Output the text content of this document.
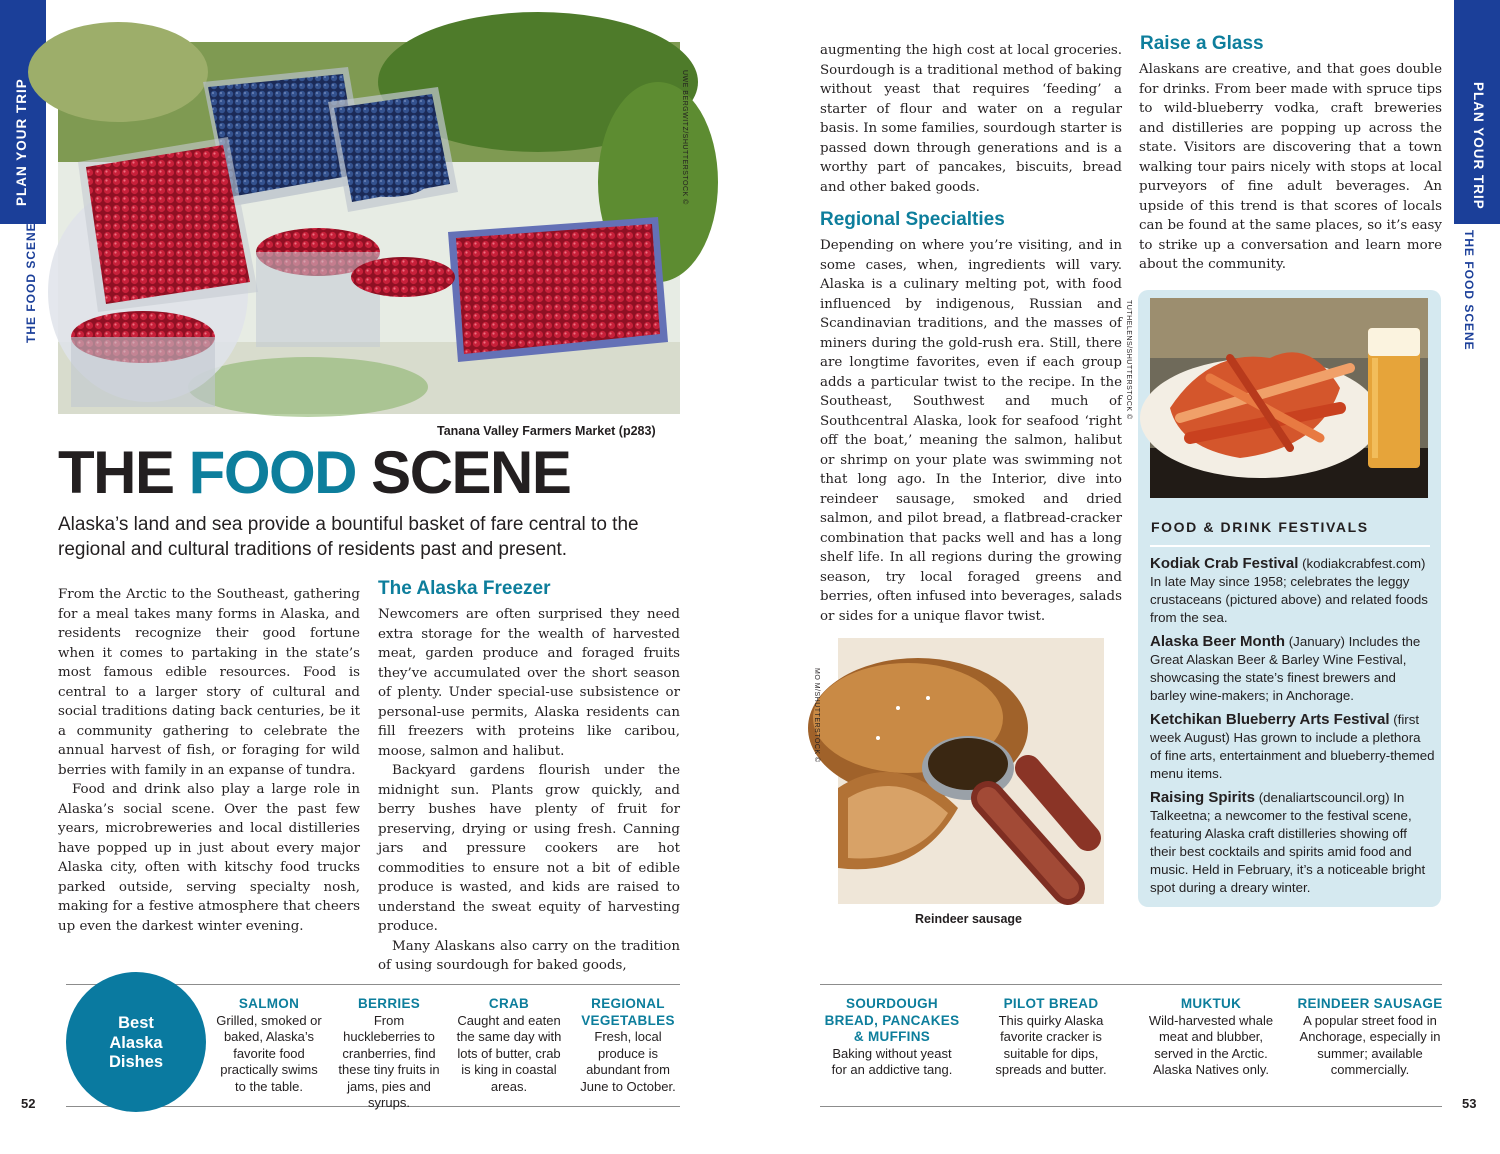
PLAN YOUR TRIP
THE FOOD SCENE
PLAN YOUR TRIP
THE FOOD SCENE
UWE BERGWITZ/SHUTTERSTOCK ©
Tanana Valley Farmers Market (p283)
THE FOOD SCENE
Alaska’s land and sea provide a bountiful basket of fare central to the regional and cultural traditions of residents past and present.

From the Arctic to the Southeast, gathering for a meal takes many forms in Alaska, and residents recognize their good fortune when it comes to partaking in the state’s most famous edible resources. Food is central to a larger story of cultural and social traditions dating back centuries, be it a community gathering to celebrate the annual harvest of fish, or foraging for wild berries with family in an expanse of tundra.

Food and drink also play a large role in Alaska’s social scene. Over the past few years, microbreweries and local distilleries have popped up in just about every major Alaska city, often with kitschy food trucks parked outside, serving specialty nosh, making for a festive atmosphere that cheers up even the darkest winter evening.

The Alaska Freezer

Newcomers are often surprised they need extra storage for the wealth of harvested meat, garden produce and foraged fruits they’ve accumulated over the short season of plenty. Under special-use subsistence or personal-use permits, Alaska residents can fill freezers with proteins like caribou, moose, salmon and halibut.

Backyard gardens flourish under the midnight sun. Plants grow quickly, and berry bushes have plenty of fruit for preserving, drying or using fresh. Canning jars and pressure cookers are hot commodities to ensure not a bit of edible produce is wasted, and kids are raised to understand the sweat equity of harvesting produce.

Many Alaskans also carry on the tradition of using sourdough for baked goods,

augmenting the high cost at local groceries. Sourdough is a traditional method of baking without yeast that requires ‘feeding’ a starter of flour and water on a regular basis. In some families, sourdough starter is passed down through generations and is a worthy part of pancakes, biscuits, bread and other baked goods.

Regional Specialties

Depending on where you’re visiting, and in some cases, when, ingredients will vary. Alaska is a culinary melting pot, with food influenced by indigenous, Russian and Scandinavian traditions, and the masses of miners during the gold-rush era. Still, there are longtime favorites, even if each group adds a particular twist to the recipe. In the Southeast, Southwest and much of Southcentral Alaska, look for seafood ‘right off the boat,’ meaning the salmon, halibut or shrimp on your plate was swimming not that long ago. In the Interior, dive into reindeer sausage, smoked and dried salmon, and pilot bread, a flatbread-cracker combination that packs well and has a long shelf life. In all regions during the growing season, try local foraged greens and berries, often infused into beverages, salads or sides for a unique flavor twist.

Raise a Glass

Alaskans are creative, and that goes double for drinks. From beer made with spruce tips to wild-blueberry vodka, craft breweries and distilleries are popping up across the state. Visitors are discovering that a town walking tour pairs nicely with stops at local purveyors of fine adult beverages. An upside of this trend is that scores of locals can be found at the same places, so it’s easy to strike up a conversation and learn more about the community.

TUTHELENS/SHUTTERSTOCK ©
FOOD & DRINK FESTIVALS
Kodiak Crab Festival (kodiakcrabfest.com) In late May since 1958; celebrates the leggy crustaceans (pictured above) and related foods from the sea.
Alaska Beer Month (January) Includes the Great Alaskan Beer & Barley Wine Festival, showcasing the state’s finest brewers and barley wine-makers; in Anchorage.
Ketchikan Blueberry Arts Festival (first week August) Has grown to include a plethora of fine arts, entertainment and blueberry-themed menu items.
Raising Spirits (denaliartscouncil.org) In Talkeetna; a newcomer to the festival scene, featuring Alaska craft distilleries showing off their best cocktails and spirits amid food and music. Held in February, it’s a noticeable bright spot during a dreary winter.
MO M/SHUTTERSTOCK ©
Reindeer sausage
Best Alaska Dishes
SALMON
Grilled, smoked or baked, Alaska’s favorite food practically swims to the table.
BERRIES
From huckleberries to cranberries, find these tiny fruits in jams, pies and syrups.
CRAB
Caught and eaten the same day with lots of butter, crab is king in coastal areas.
REGIONAL VEGETABLES
Fresh, local produce is abundant from June to October.
SOURDOUGH BREAD, PANCAKES & MUFFINS
Baking without yeast for an addictive tang.
PILOT BREAD
This quirky Alaska favorite cracker is suitable for dips, spreads and butter.
MUKTUK
Wild-harvested whale meat and blubber, served in the Arctic. Alaska Natives only.
REINDEER SAUSAGE
A popular street food in Anchorage, especially in summer; available commercially.
52	53
